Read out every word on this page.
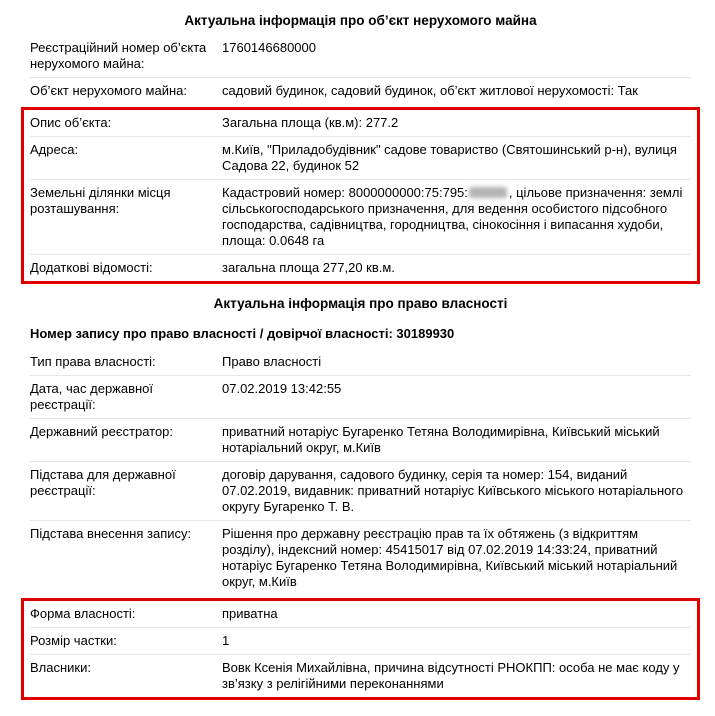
Актуальна інформація про об’єкт нерухомого майна
Реєстраційний номер об’єкта нерухомого майна:
1760146680000
Об’єкт нерухомого майна:	садовий будинок, садовий будинок, об’єкт житлової нерухомості: Так
Опис об’єкта:	Загальна площа (кв.м): 277.2
Адреса:	м.Київ, "Приладобудівник" садове товариство (Святошинський р-н), вулиця Садова 22, будинок 52
Земельні ділянки місця розташування:
Кадастровий номер: 8000000000:75:795:	, цільове призначення: землі сільськогосподарського призначення, для ведення особистого підсобного господарства, садівництва, городництва, сінокосіння і випасання худоби, площа: 0.0648 га
Додаткові відомості:	загальна площа 277,20 кв.м.
Актуальна інформація про право власності
Номер запису про право власності / довірчої власності: 30189930
Тип права власності:	Право власності
Дата, час державної реєстрації:
07.02.2019 13:42:55
Державний реєстратор:	приватний нотаріус Бугаренко Тетяна Володимирівна, Київський міський нотаріальний округ, м.Київ
Підстава для державної реєстрації:
договір дарування, садового будинку, серія та номер: 154, виданий 07.02.2019, видавник: приватний нотаріус Київського міського нотаріального округу Бугаренко Т. В.
Підстава внесення запису:	Рішення про державну реєстрацію прав та їх обтяжень (з відкриттям розділу), індексний номер: 45415017 від 07.02.2019 14:33:24, приватний нотаріус Бугаренко Тетяна Володимирівна, Київський міський нотаріальний округ, м.Київ
Форма власності:	приватна
Розмір частки:	1
Власники:	Вовк Ксенія Михайлівна, причина відсутності РНОКПП: особа не має коду у зв’язку з релігійними переконаннями
